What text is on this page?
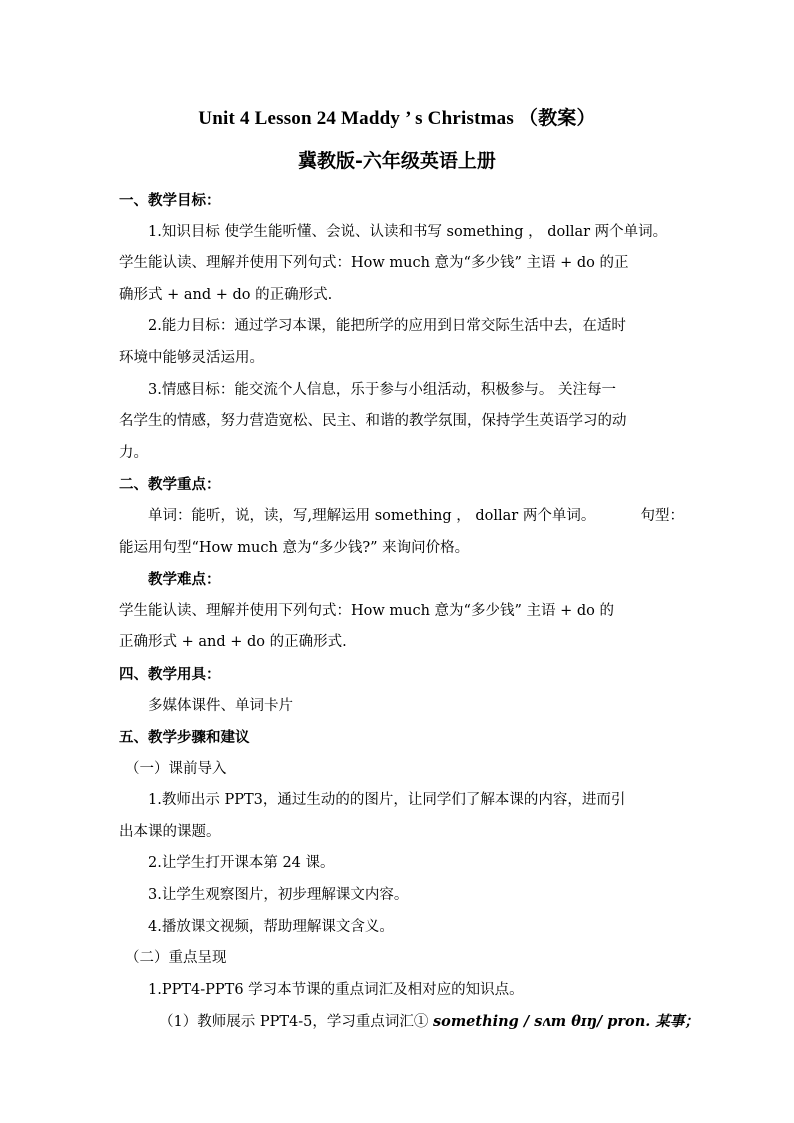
Unit 4 Lesson 24 Maddy ’ s Christmas （教案）
冀教版-六年级英语上册
一、教学目标：
1.知识目标 使学生能听懂、会说、认读和书写 something ， dollar 两个单词。
学生能认读、理解并使用下列句式：How much 意为“多少钱” 主语 + do 的正
确形式 + and + do 的正确形式.
2.能力目标：通过学习本课，能把所学的应用到日常交际生活中去，在适时
环境中能够灵活运用。
3.情感目标：能交流个人信息，乐于参与小组活动，积极参与。 关注每一
名学生的情感，努力营造宽松、民主、和谐的教学氛围，保持学生英语学习的动
力。
二、教学重点：
单词：能听，说，读，写,理解运用 something ， dollar 两个单词。	句型：
能运用句型“How much 意为“多少钱?” 来询问价格。
教学难点：
学生能认读、理解并使用下列句式：How much 意为“多少钱” 主语 + do 的
正确形式 + and + do 的正确形式.
四、教学用具：
多媒体课件、单词卡片
五、教学步骤和建议
（一）课前导入
1.教师出示 PPT3，通过生动的的图片，让同学们了解本课的内容，进而引
出本课的课题。
2.让学生打开课本第 24 课。
3.让学生观察图片，初步理解课文内容。
4.播放课文视频，帮助理解课文含义。
（二）重点呈现
1.PPT4-PPT6 学习本节课的重点词汇及相对应的知识点。
（1）教师展示 PPT4-5，学习重点词汇① something / sʌm θɪŋ/ pron. 某事；
